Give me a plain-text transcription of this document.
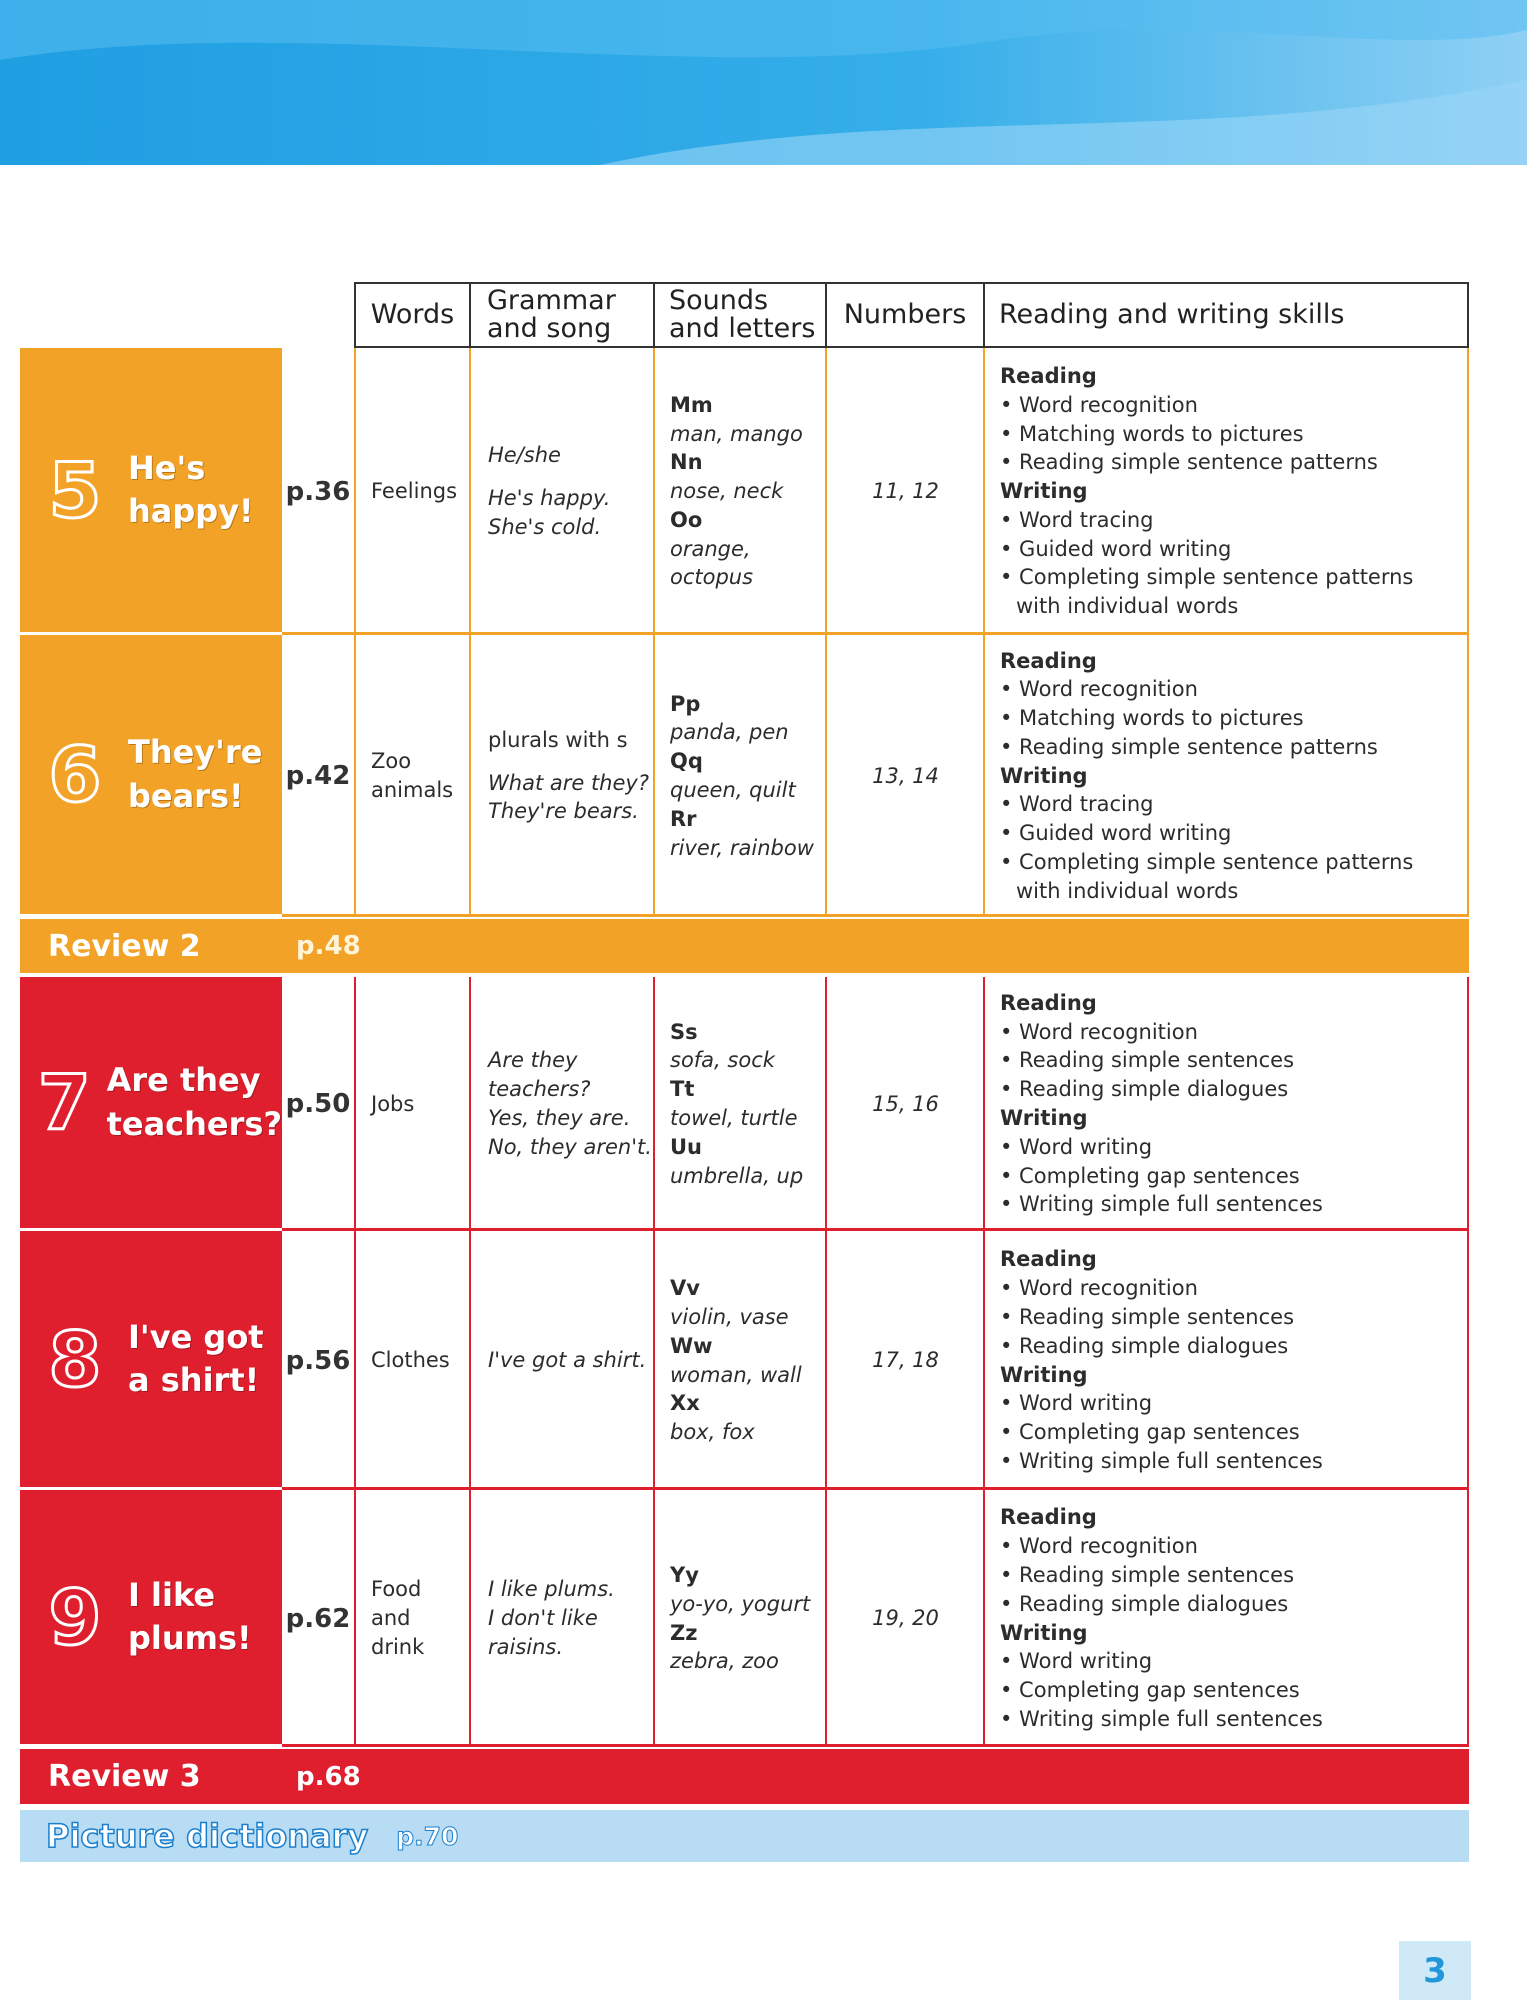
Words Grammar
and song
Sounds
and letters Numbers Reading and writing skills
5 He's
happy!
p.36 Feelings
He/she
He's happy.
She's cold.
Mm
man, mango
Nn
nose, neck
Oo
orange,
octopus
11, 12
Reading
• Word recognition
• Matching words to pictures
• Reading simple sentence patterns
Writing
• Word tracing
• Guided word writing
• Completing simple sentence patterns
with individual words
6 They're
bears!
p.42 Zoo
animals
plurals with s
What are they?
They're bears.
Pp
panda, pen
Qq
queen, quilt
Rr
river, rainbow
13, 14
Reading
• Word recognition
• Matching words to pictures
• Reading simple sentence patterns
Writing
• Word tracing
• Guided word writing
• Completing simple sentence patterns
with individual words
7 Are they
teachers?
p.50 Jobs
Are they
teachers?
Yes, they are.
No, they aren't.
Ss
sofa, sock
Tt
towel, turtle
Uu
umbrella, up
15, 16
Reading
• Word recognition
• Reading simple sentences
• Reading simple dialogues
Writing
• Word writing
• Completing gap sentences
• Writing simple full sentences
8 I've got
a shirt!
p.56 Clothes I've got a shirt.
Vv
violin, vase
Ww
woman, wall
Xx
box, fox
17, 18
Reading
• Word recognition
• Reading simple sentences
• Reading simple dialogues
Writing
• Word writing
• Completing gap sentences
• Writing simple full sentences
9 I like
plums!
p.62
Food
and
drink
I like plums.
I don't like
raisins.
Yy
yo-yo, yogurt
Zz
zebra, zoo
19, 20
Reading
• Word recognition
• Reading simple sentences
• Reading simple dialogues
Writing
• Word writing
• Completing gap sentences
• Writing simple full sentences
Review 2	p.48
Review 3	p.68
Picture dictionary p.70
3
